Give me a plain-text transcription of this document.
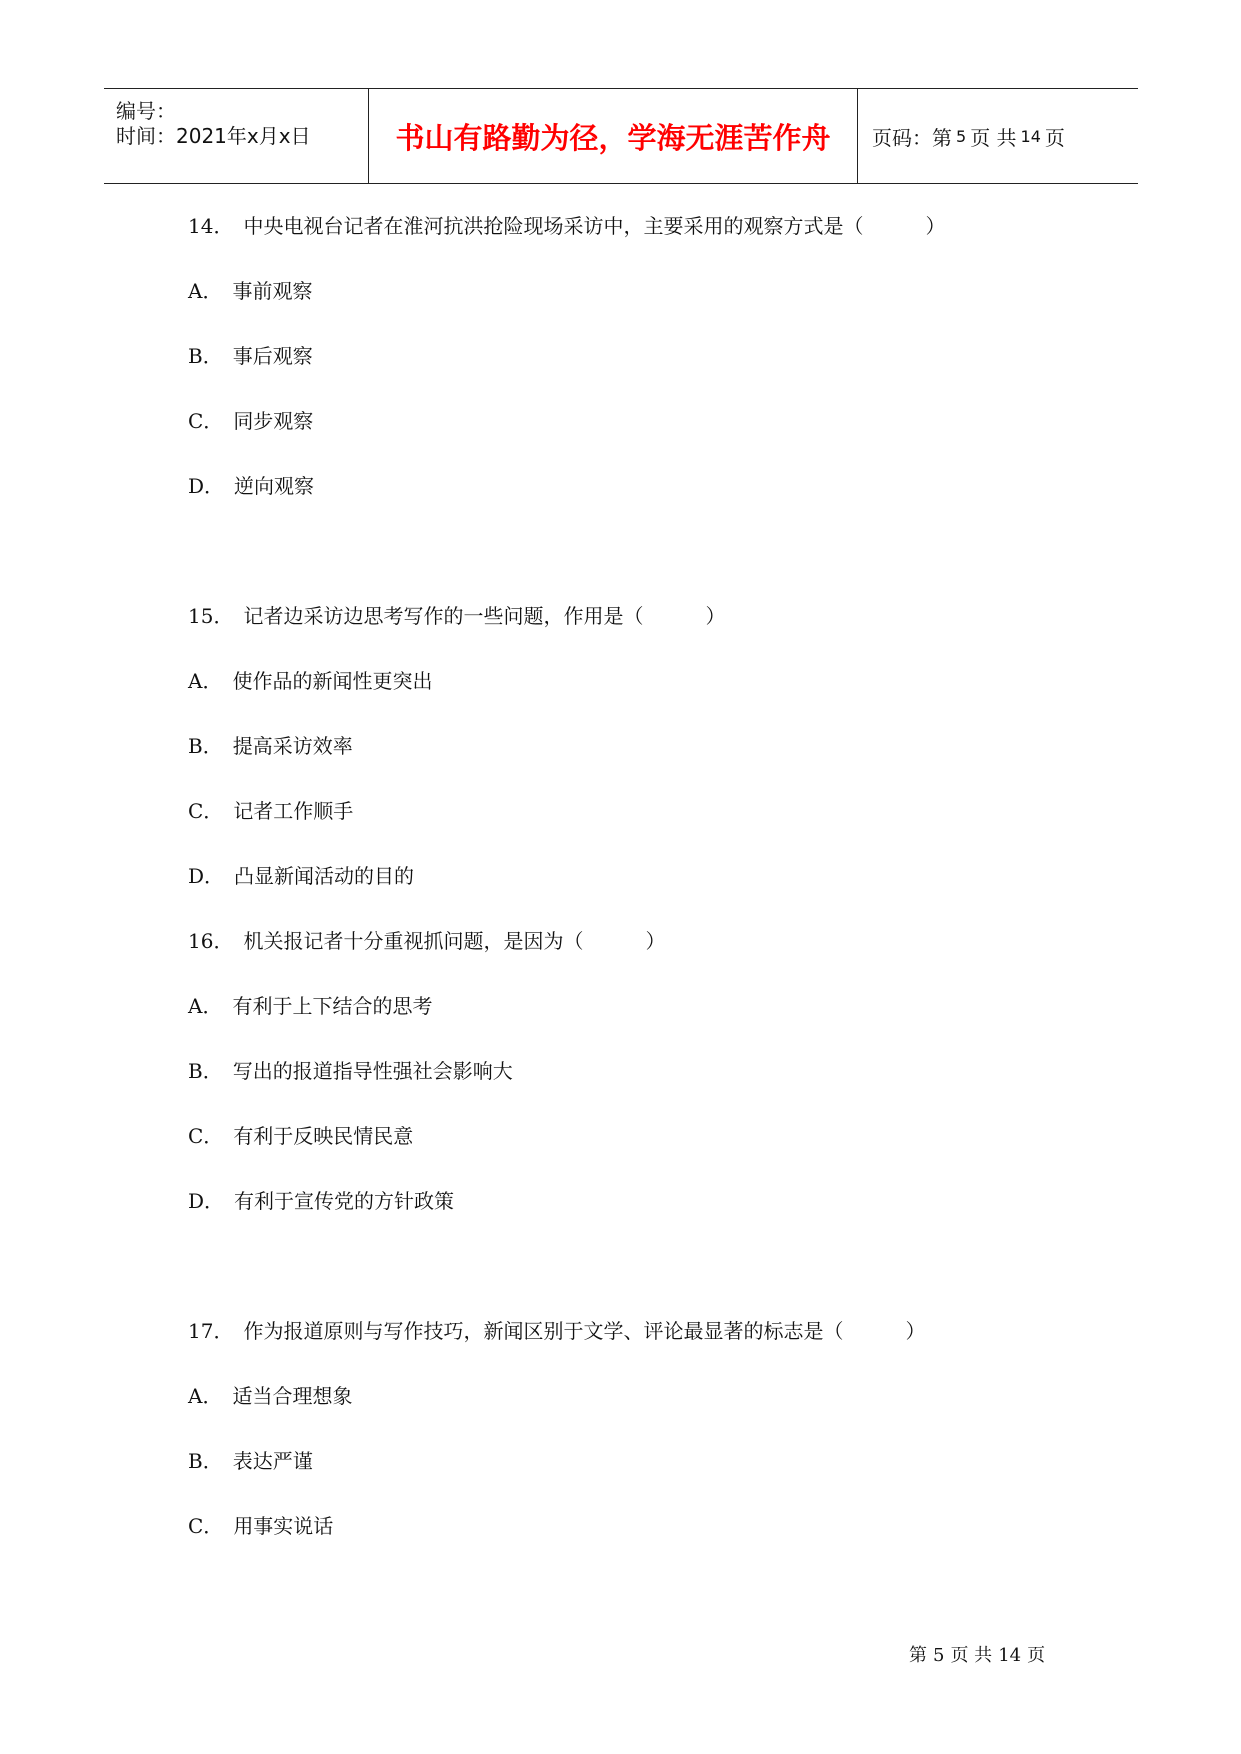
编号：
时间：2021年x月x日	书山有路勤为径，学海无涯苦作舟	页码：第 5 页 共 14 页
14． 中央电视台记者在淮河抗洪抢险现场采访中，主要采用的观察方式是（	）
A． 事前观察
B． 事后观察
C． 同步观察
D． 逆向观察
15． 记者边采访边思考写作的一些问题，作用是（	）
A． 使作品的新闻性更突出
B． 提高采访效率
C． 记者工作顺手
D． 凸显新闻活动的目的
16． 机关报记者十分重视抓问题，是因为（	）
A． 有利于上下结合的思考
B． 写出的报道指导性强社会影响大
C． 有利于反映民情民意
D． 有利于宣传党的方针政策
17． 作为报道原则与写作技巧，新闻区别于文学、评论最显著的标志是（	）
A． 适当合理想象
B． 表达严谨
C． 用事实说话
第 5 页 共 14 页
